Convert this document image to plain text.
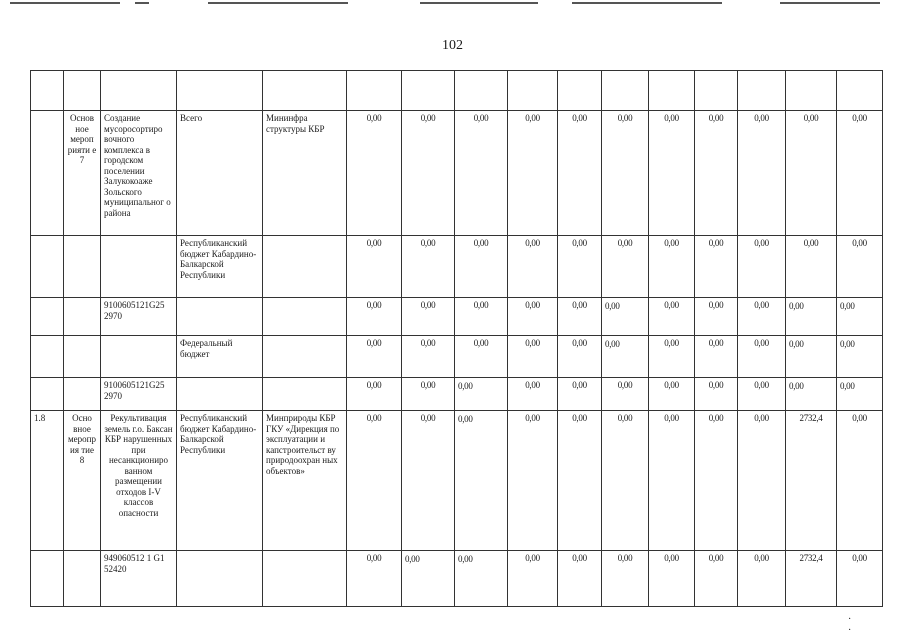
102

	Основ ное мероп рияти е 7	Создание мусоросортиро вочного комплекса в городском поселении Залукокоаже Зольского муниципальног о района	Всего	Мининфра структуры КБР	0,00	0,00	0,00	0,00	0,00	0,00	0,00	0,00	0,00	0,00	0,00
			Республиканский бюджет Кабардино-Балкарской Республики		0,00	0,00	0,00	0,00	0,00	0,00	0,00	0,00	0,00	0,00	0,00
		9100605121G25 2970			0,00	0,00	0,00	0,00	0,00	0,00	0,00	0,00	0,00	0,00	0,00
			Федеральный бюджет		0,00	0,00	0,00	0,00	0,00	0,00	0,00	0,00	0,00	0,00	0,00
		9100605121G25 2970			0,00	0,00	0,00	0,00	0,00	0,00	0,00	0,00	0,00	0,00	0,00
1.8	Осно вное меропр ия тие 8	Рекультивация земель г.о. Баксан КБР нарушенных при несанкциониро ванном размещении отходов I-V классов опасности	Республиканский бюджет Кабардино-Балкарской Республики	Минприроды КБР ГКУ «Дирекция по эксплуатации и капстроительст ву природоохран ных объектов»	0,00	0,00	0,00	0,00	0,00	0,00	0,00	0,00	0,00	2732,4	0,00
		949060512 1 G1 52420			0,00	0,00	0,00	0,00	0,00	0,00	0,00	0,00	0,00	2732,4	0,00
· ·
